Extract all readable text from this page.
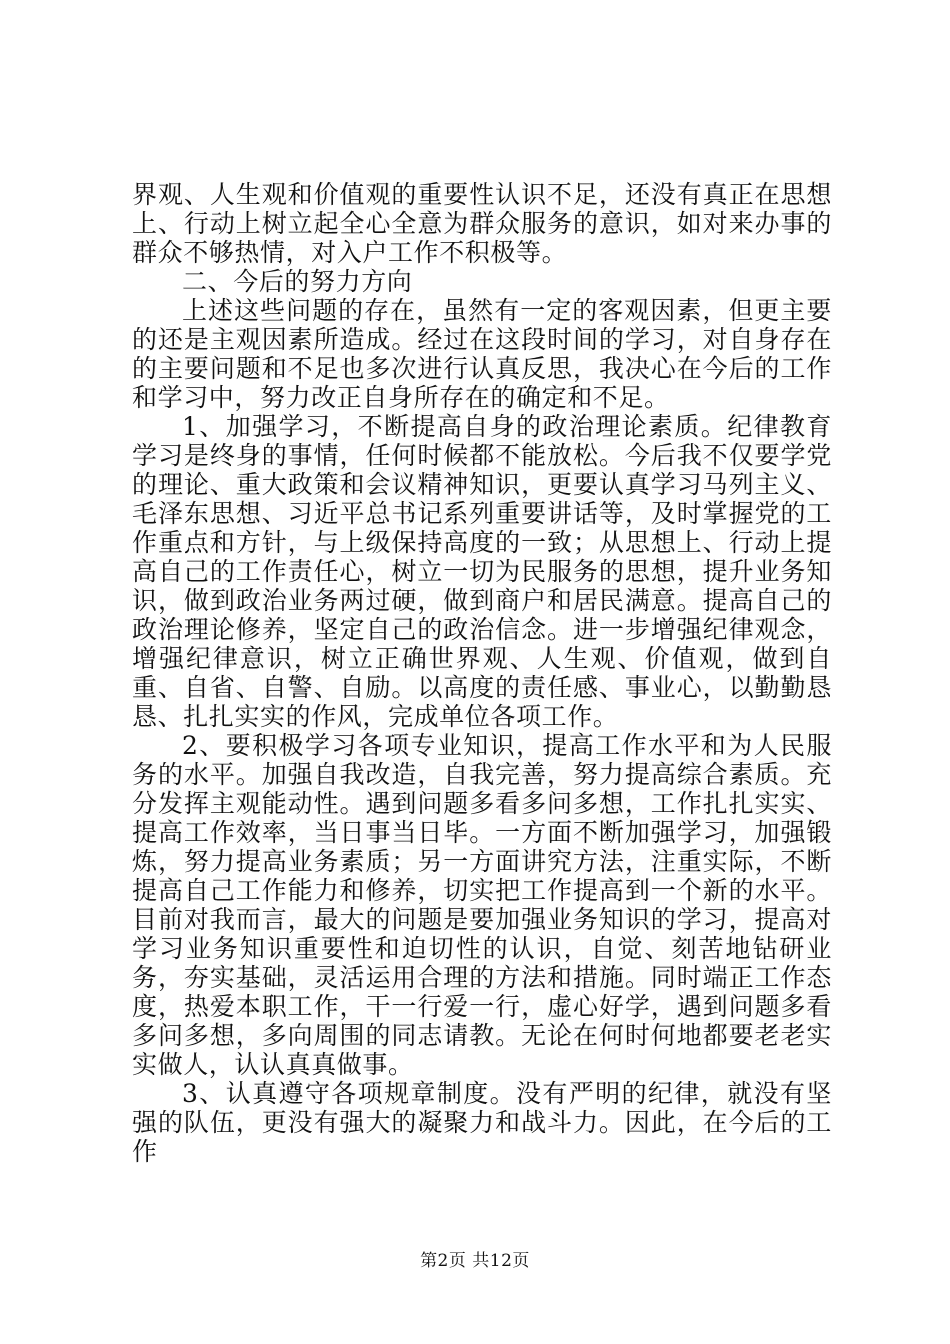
界观、人生观和价值观的重要性认识不足，还没有真正在思想上、行动上树立起全心全意为群众服务的意识，如对来办事的群众不够热情，对入户工作不积极等。

二、今后的努力方向

上述这些问题的存在，虽然有一定的客观因素，但更主要的还是主观因素所造成。经过在这段时间的学习，对自身存在的主要问题和不足也多次进行认真反思，我决心在今后的工作和学习中，努力改正自身所存在的确定和不足。

1、加强学习，不断提高自身的政治理论素质。纪律教育学习是终身的事情，任何时候都不能放松。今后我不仅要学党的理论、重大政策和会议精神知识，更要认真学习马列主义、毛泽东思想、习近平总书记系列重要讲话等，及时掌握党的工作重点和方针，与上级保持高度的一致；从思想上、行动上提高自己的工作责任心，树立一切为民服务的思想，提升业务知识，做到政治业务两过硬，做到商户和居民满意。提高自己的政治理论修养，坚定自己的政治信念。进一步增强纪律观念，增强纪律意识，树立正确世界观、人生观、价值观，做到自重、自省、自警、自励。以高度的责任感、事业心，以勤勤恳恳、扎扎实实的作风，完成单位各项工作。

2、要积极学习各项专业知识，提高工作水平和为人民服务的水平。加强自我改造，自我完善，努力提高综合素质。充分发挥主观能动性。遇到问题多看多问多想，工作扎扎实实、提高工作效率，当日事当日毕。一方面不断加强学习，加强锻炼，努力提高业务素质；另一方面讲究方法，注重实际，不断提高自己工作能力和修养，切实把工作提高到一个新的水平。目前对我而言，最大的问题是要加强业务知识的学习，提高对学习业务知识重要性和迫切性的认识，自觉、刻苦地钻研业务，夯实基础，灵活运用合理的方法和措施。同时端正工作态度，热爱本职工作，干一行爱一行，虚心好学，遇到问题多看多问多想，多向周围的同志请教。无论在何时何地都要老老实实做人，认认真真做事。

3、认真遵守各项规章制度。没有严明的纪律，就没有坚强的队伍，更没有强大的凝聚力和战斗力。因此，在今后的工作

第2页 共12页
